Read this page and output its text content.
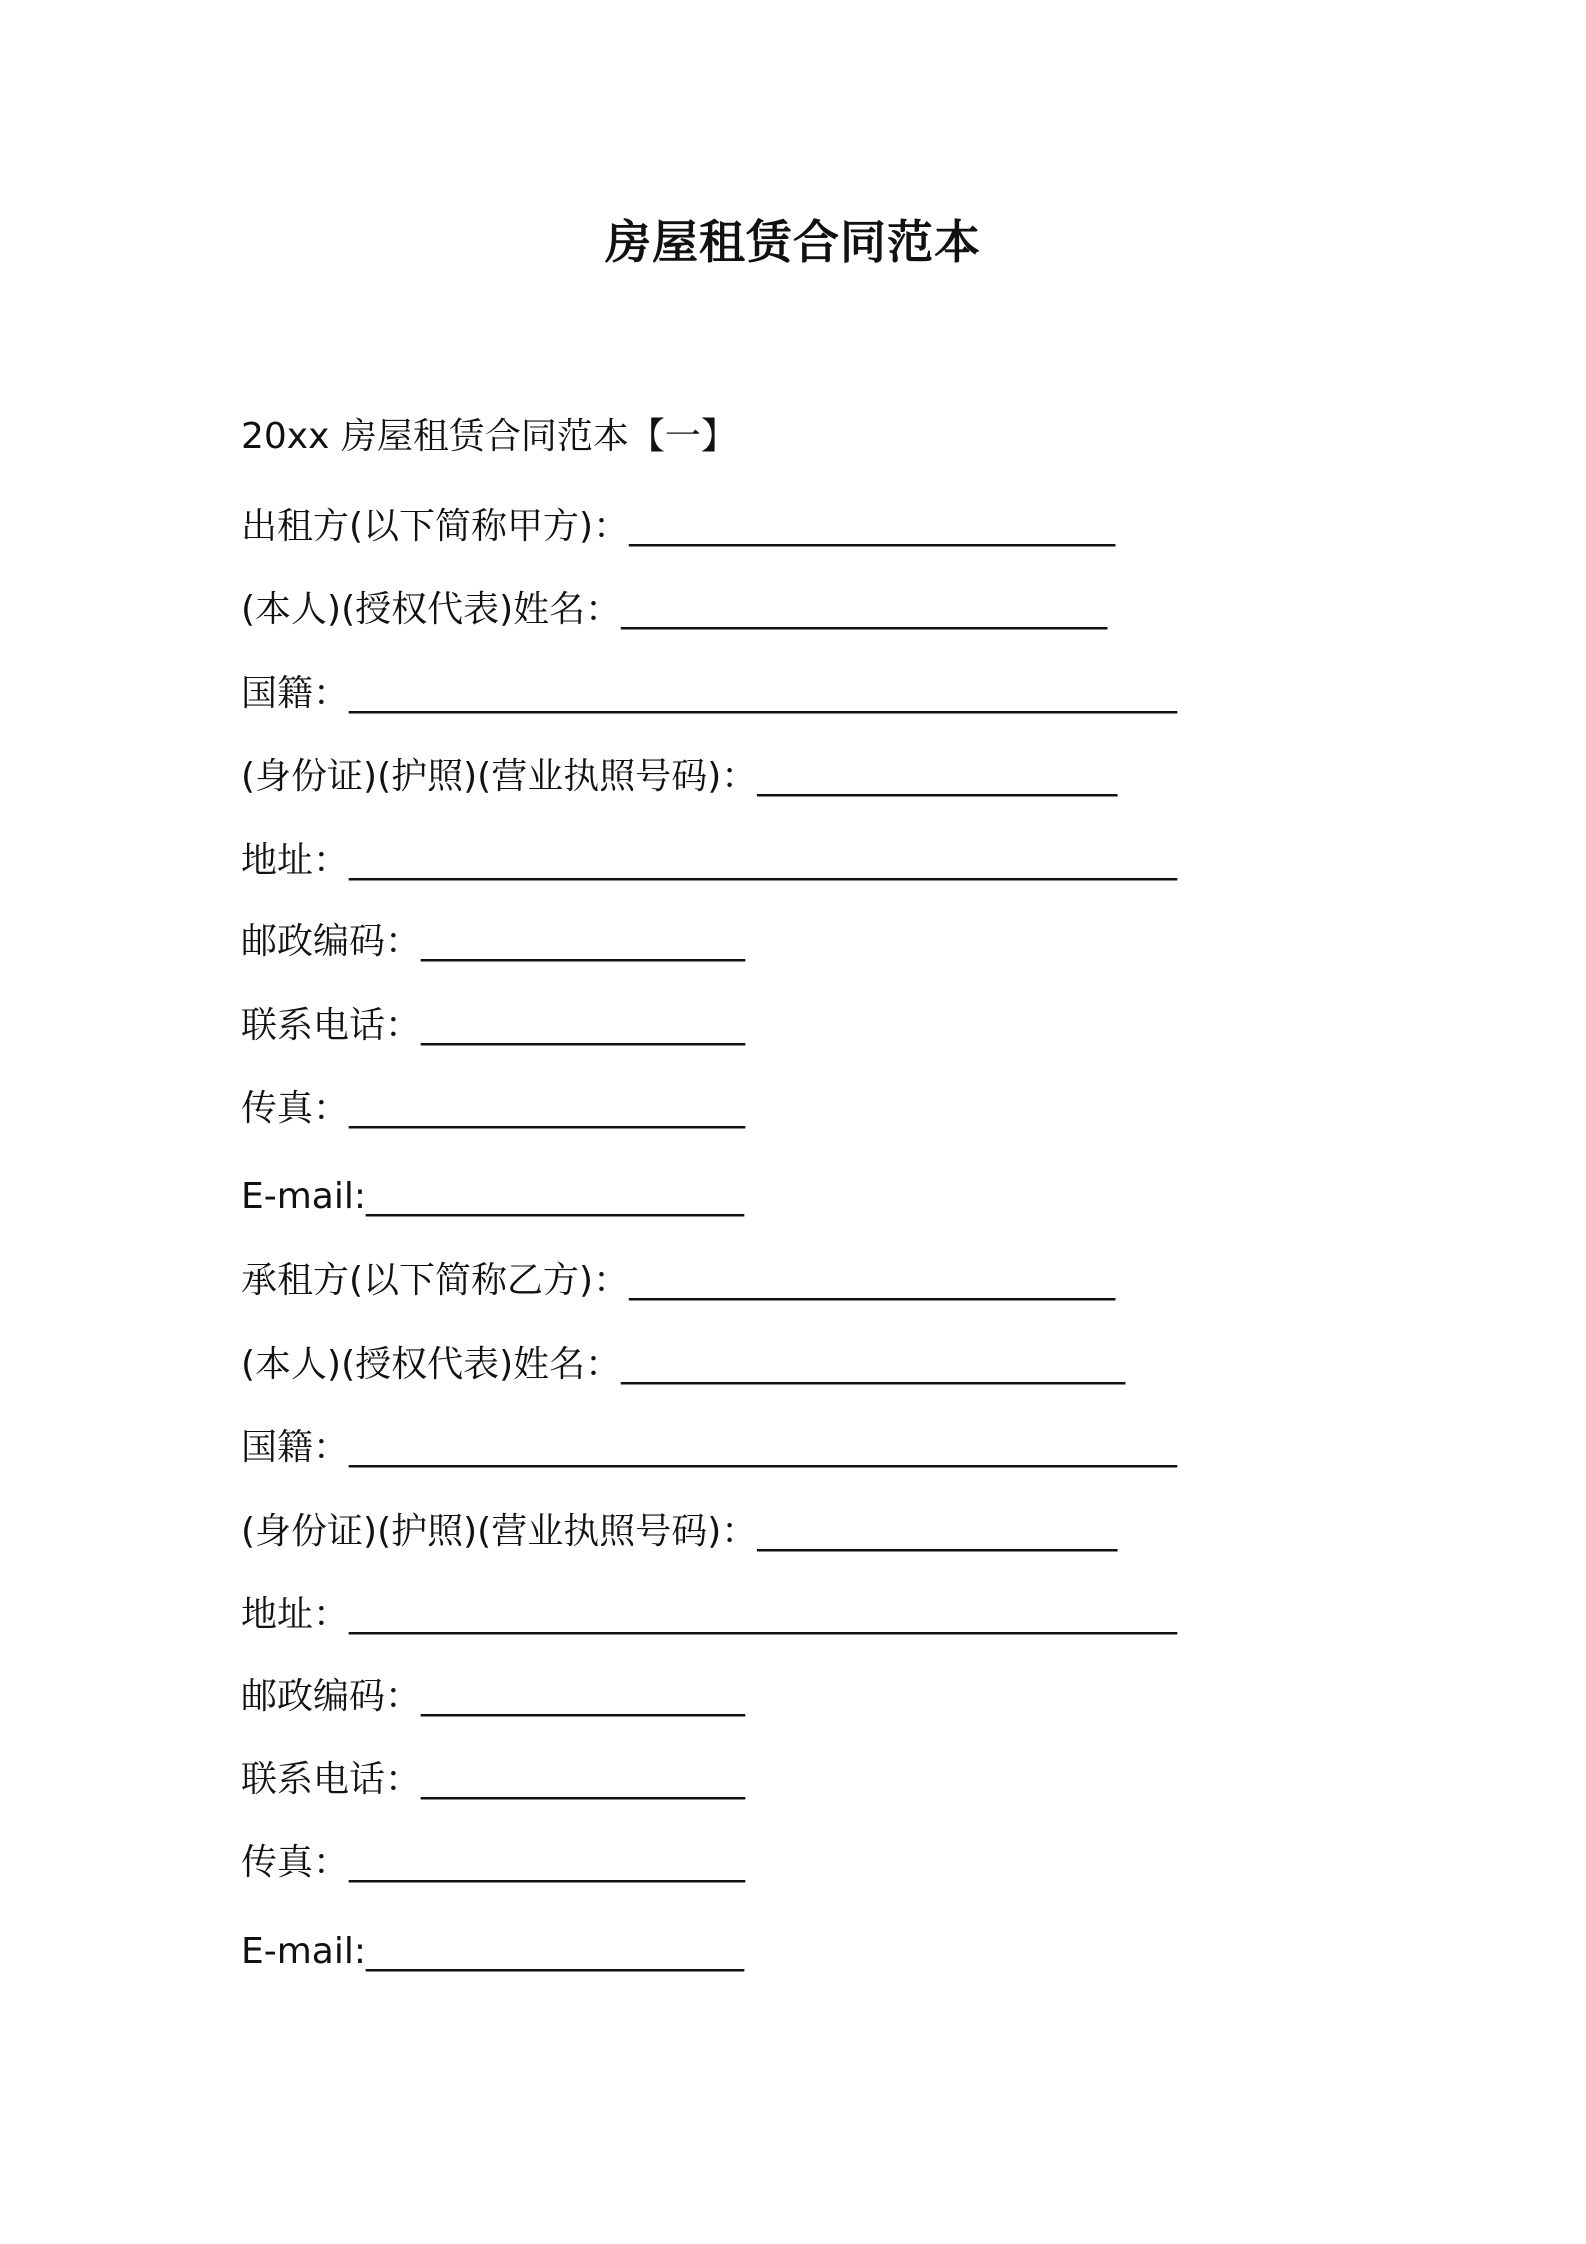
房屋租赁合同范本
20xx 房屋租赁合同范本【一】
出租方(以下简称甲方)：___________________________
(本人)(授权代表)姓名：___________________________
国籍：______________________________________________
(身份证)(护照)(营业执照号码)：____________________
地址：______________________________________________
邮政编码：__________________
联系电话：__________________
传真：______________________
E-mail:_____________________
承租方(以下简称乙方)：___________________________
(本人)(授权代表)姓名：____________________________
国籍：______________________________________________
(身份证)(护照)(营业执照号码)：____________________
地址：______________________________________________
邮政编码：__________________
联系电话：__________________
传真：______________________
E-mail:_____________________
